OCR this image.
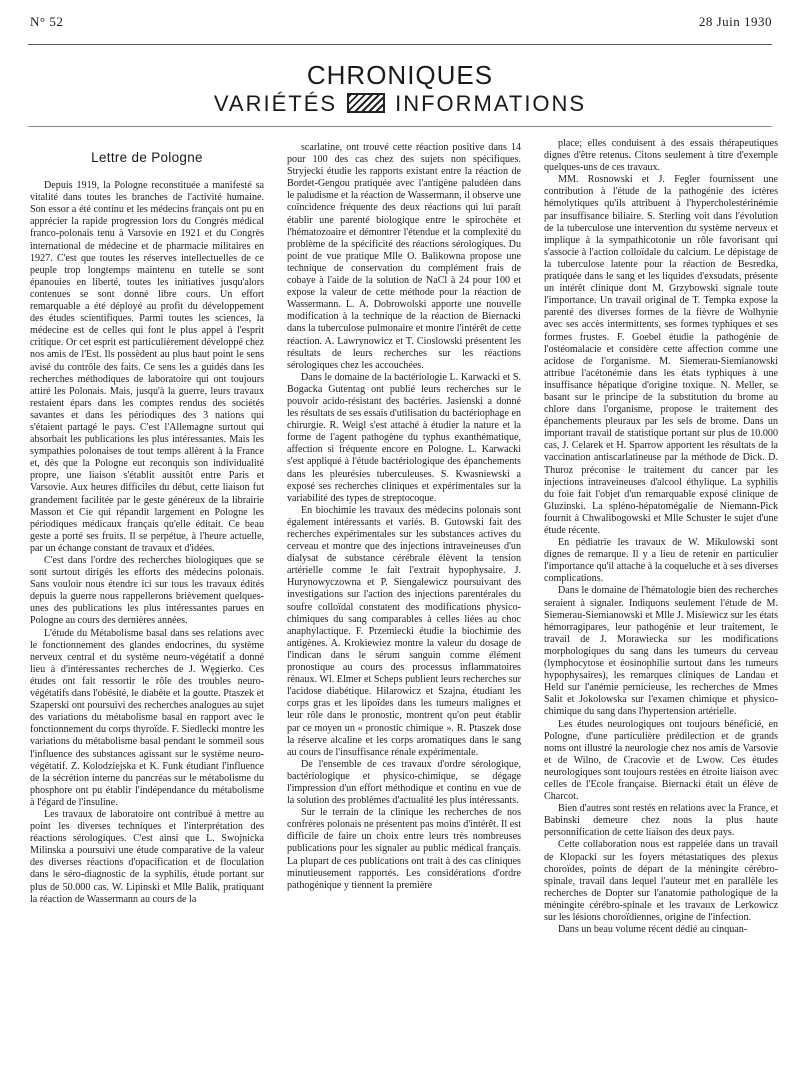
N° 52	28 Juin 1930
CHRONIQUES
VARIÉTÉS	INFORMATIONS
Lettre de Pologne

Depuis 1919, la Pologne reconstituée a manifesté sa vitalité dans toutes les branches de l'activité humaine. Son essor a été continu et les médecins français ont pu en apprécier la rapide progression lors du Congrès médical franco-polonais tenu à Varsovie en 1921 et du Congrès international de médecine et de pharmacie militaires en 1927. C'est que toutes les réserves intellectuelles de ce peuple trop longtemps maintenu en tutelle se sont épanouies en liberté, toutes les initiatives jusqu'alors contenues se sont donné libre cours. Un effort remarquable a été déployé au profit du développement des études scientifiques. Parmi toutes les sciences, la médecine est de celles qui font le plus appel à l'esprit critique. Or cet esprit est particulièrement développé chez nos amis de l'Est. Ils possèdent au plus haut point le sens avisé du contrôle des faits. Ce sens les a guidés dans les recherches méthodiques de laboratoire qui ont toujours attiré les Polonais. Mais, jusqu'à la guerre, leurs travaux restaient épars dans les comptes rendus des sociétés savantes et dans les périodiques des 3 nations qui s'étaient partagé le pays. C'est l'Allemagne surtout qui absorbait les publications les plus intéressantes. Mais les sympathies polonaises de tout temps allèrent à la France et, dès que la Pologne eut reconquis son individualité propre, une liaison s'établit aussitôt entre Paris et Varsovie. Aux heures difficiles du début, cette liaison fut grandement facilitée par le geste généreux de la librairie Masson et Cie qui répandit largement en Pologne les périodiques médicaux français qu'elle éditait. Ce beau geste a porté ses fruits. Il se perpétue, à l'heure actuelle, par un échange constant de travaux et d'idées.

C'est dans l'ordre des recherches biologiques que se sont surtout dirigés les efforts des médecins polonais. Sans vouloir nous étendre ici sur tous les travaux édités depuis la guerre nous rappellerons brièvement quelques-unes des publications les plus intéressantes parues en Pologne au cours des dernières années.

L'étude du Métabolisme basal dans ses relations avec le fonctionnement des glandes endocrines, du système nerveux central et du système neuro-végétatif a donné lieu à d'intéressantes recherches de J. Węgierko. Ces études ont fait ressortir le rôle des troubles neuro-végétatifs dans l'obésité, le diabète et la goutte. Ptaszek et Szaperski ont poursuivi des recherches analogues au sujet des variations du métabolisme basal en rapport avec le fonctionnement du corps thyroïde. F. Siedlecki montre les variations du métabolisme basal pendant le sommeil sous l'influence des substances agissant sur le système neuro-végétatif. Z. Kolodziejska et K. Funk étudiant l'influence de la sécrétion interne du pancréas sur le métabolisme du phosphore ont pu établir l'indépendance du métabolisme à l'égard de l'insuline.

Les travaux de laboratoire ont contribué à mettre au point les diverses techniques et l'interprétation des réactions sérologiques. C'est ainsi que L. Swojnicka Milinska a poursuivi une étude comparative de la valeur des diverses réactions d'opacification et de floculation dans le séro-diagnostic de la syphilis, étude portant sur plus de 50.000 cas. W. Lipinski et Mlle Balik, pratiquant la réaction de Wassermann au cours de la

scarlatine, ont trouvé cette réaction positive dans 14 pour 100 des cas chez des sujets non spécifiques. Stryjecki étudie les rapports existant entre la réaction de Bordet-Gengou pratiquée avec l'antigène paludéen dans le paludisme et la réaction de Wassermann, il observe une coïncidence fréquente des deux réactions qui lui paraît établir une parenté biologique entre le spirochète et l'hématozoaire et démontrer l'étendue et la complexité du problème de la spécificité des réactions sérologiques. Du point de vue pratique Mlle O. Balikowna propose une technique de conservation du complément frais de cobaye à l'aide de la solution de NaCl à 24 pour 100 et expose la valeur de cette méthode pour la réaction de Wassermann. L. A. Dobrowolski apporte une nouvelle modification à la technique de la réaction de Biernacki dans la tuberculose pulmonaire et montre l'intérêt de cette réaction. A. Lawrynowicz et T. Cioslowski présentent les résultats de leurs recherches sur les réactions sérologiques chez les accouchées.

Dans le domaine de la bactériologie L. Karwacki et S. Bogacka Gutentag ont publié leurs recherches sur le pouvoir acido-résistant des bactéries. Jasienski a donné les résultats de ses essais d'utilisation du bactériophage en chirurgie. R. Weigl s'est attaché à étudier la nature et la forme de l'agent pathogène du typhus exanthématique, affection si fréquente encore en Pologne. L. Karwacki s'est appliqué à l'étude bactériologique des épanchements dans les pleurésies tuberculeuses. S. Kwasniewski a exposé ses recherches cliniques et expérimentales sur la variabilité des types de streptocoque.

En biochimie les travaux des médecins polonais sont également intéressants et variés. B. Gutowski fait des recherches expérimentales sur les substances actives du cerveau et montre que des injections intraveineuses d'un dialysat de substance cérébrale élèvent la tension artérielle comme le fait l'extrait hypophysaire. J. Hurynowyczowna et P. Siengalewicz poursuivant des investigations sur l'action des injections parentérales du soufre colloïdal constatent des modifications physico-chimiques du sang comparables à celles liées au choc anaphylactique. F. Przemiecki étudie la biochimie des antigènes. A. Krokiewiez montre la valeur du dosage de l'indican dans le sérum sanguin comme élément pronostique au cours des processus inflammatoires rénaux. Wl. Elmer et Scheps publient leurs recherches sur l'acidose diabétique. Hilarowicz et Szajna, étudiant les corps gras et les lipoïdes dans les tumeurs malignes et leur rôle dans le pronostic, montrent qu'on peut établir par ce moyen un « pronostic chimique ». R. Ptaszek dose la réserve alcaline et les corps aromatiques dans le sang au cours de l'insuffisance rénale expérimentale.

De l'ensemble de ces travaux d'ordre sérologique, bactériologique et physico-chimique, se dégage l'impression d'un effort méthodique et continu en vue de la solution des problèmes d'actualité les plus intéressants.

Sur le terrain de la clinique les recherches de nos confrères polonais ne présentent pas moins d'intérêt. Il est difficile de faire un choix entre leurs très nombreuses publications pour les signaler au public médical français. La plupart de ces publications ont trait à des cas cliniques minutieusement rapportés. Les considérations d'ordre pathogénique y tiennent la première

place; elles conduisent à des essais thérapeutiques dignes d'être retenus. Citons seulement à titre d'exemple quelques-uns de ces travaux.

MM. Rosnowski et J. Fegler fournissent une contribution à l'étude de la pathogénie des ictères hémolytiques qu'ils attribuent à l'hypercholestérinémie par insuffisance biliaire. S. Sterling voit dans l'évolution de la tuberculose une intervention du système nerveux et implique à la sympathicotonie un rôle favorisant qui s'associe à l'action colloïdale du calcium. Le dépistage de la tuberculose latente pour la réaction de Besredka, pratiquée dans le sang et les liquides d'exsudats, présente un intérêt clinique dont M. Grzybowski signale toute l'importance. Un travail original de T. Tempka expose la parenté des diverses formes de la fièvre de Wolhynie avec ses accès intermittents, ses formes typhiques et ses formes frustes. F. Goebel étudie la pathogénie de l'ostéomalacie et considère cette affection comme une acidose de l'organisme. M. Siemerau-Siemianowski attribue l'acétonémie dans les états typhiques à une insuffisance hépatique d'origine toxique. N. Meller, se basant sur le principe de la substitution du brome au chlore dans l'organisme, propose le traitement des épanchements pleuraux par les sels de brome. Dans un important travail de statistique portant sur plus de 10.000 cas, J. Celarek et H. Sparrow apportent les résultats de la vaccination antiscarlatineuse par la méthode de Dick. D. Thuroz préconise le traitement du cancer par les injections intraveineuses d'alcool éthylique. La syphilis du foie fait l'objet d'un remarquable exposé clinique de Gluzinski. La spléno-hépatomégalie de Niemann-Pick fournit à Chwalibogowski et Mlle Schuster le sujet d'une étude récente.

En pédiatrie les travaux de W. Mikulowski sont dignes de remarque. Il y a lieu de retenir en particulier l'importance qu'il attache à la coqueluche et à ses diverses complications.

Dans le domaine de l'hématologie bien des recherches seraient à signaler. Indiquons seulement l'étude de M. Siemerau-Siemianowski et Mlle J. Misiewicz sur les états hémorragipares, leur pathogénie et leur traitement, le travail de J. Morawiecka sur les modifications morphologiques du sang dans les tumeurs du cerveau (lymphocytose et éosinophilie surtout dans les tumeurs hypophysaires), les remarques cliniques de Landau et Held sur l'anémie pernicieuse, les recherches de Mmes Salit et Jokolowska sur l'examen chimique et physico-chimique du sang dans l'hypertension artérielle.

Les études neurologiques ont toujours bénéficié, en Pologne, d'une particulière prédilection et de grands noms ont illustré la neurologie chez nos amis de Varsovie et de Wilno, de Cracovie et de Lwow. Ces études neurologiques sont toujours restées en étroite liaison avec celles de l'Ecole française. Biernacki était un élève de Charcot.

Bien d'autres sont restés en relations avec la France, et Babinski demeure chez nous la plus haute personnification de cette liaison des deux pays.

Cette collaboration nous est rappelée dans un travail de Klopacki sur les foyers métastatiques des plexus choroïdes, points de départ de la méningite cérébro-spinale, travail dans lequel l'auteur met en parallèle les recherches de Dopter sur l'anatomie pathologique de la méningite cérébro-spinale et les travaux de Lerkowicz sur les lésions choroïdiennes, origine de l'infection.

Dans un beau volume récent dédié au cinquan-
